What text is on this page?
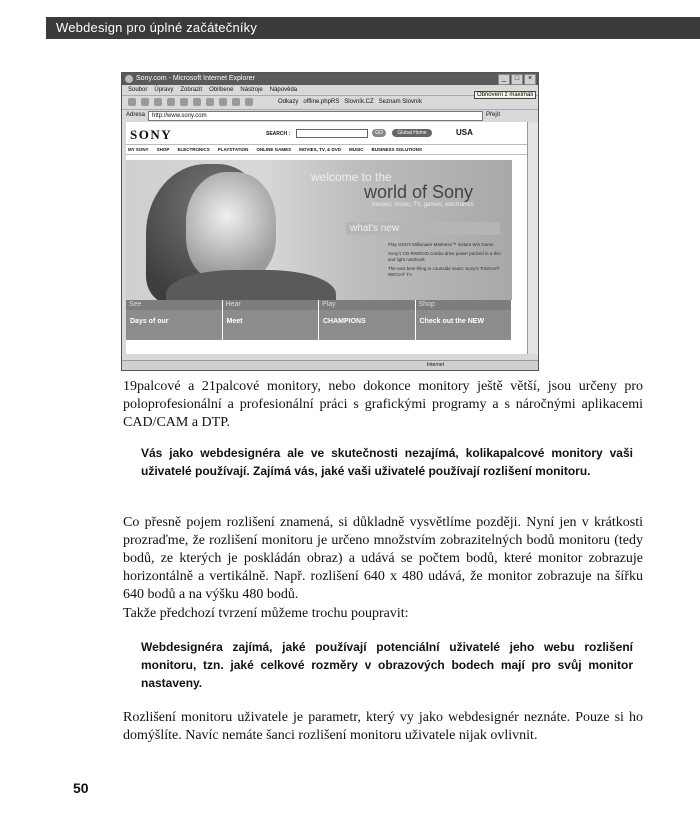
Webdesign pro úplné začátečníky
Sony.com - Microsoft Internet Explorer	_	□	×
Obnovení z maximali
Soubor Úpravy Zobrazit Oblíbené Nástroje Nápověda
Odkazy offline.phpRS Slovník.CZ Seznam Slovník
Adresa	http://www.sony.com	Přejít
SONY	SEARCH :	GO	Global Home	USA
MY SONY SHOP ELECTRONICS PLAYSTATION ONLINE GAMES MOVIES, TV, & DVD MUSIC BUSINESS SOLUTIONS
welcome to the
world of Sony
movies, music, TV, games, electronics
what's new
Play GSN's Millionaire Madness™ Instant Win Game
Sony's CD-RW/DVD combo drive power packed in a thin and light notebook
The next best thing to courtside seats: Sony's Trinitron® WEGA® TV
See	Hear	Play	Shop
Days of our	Meet	CHAMPIONS	Check out the NEW
Internet
19palcové a 21palcové monitory, nebo dokonce monitory ještě větší, jsou určeny pro poloprofesionální a profesionální práci s grafickými programy a s náročnými aplikacemi CAD/CAM a DTP.
Vás jako webdesignéra ale ve skutečnosti nezajímá, kolikapalcové monitory vaši uživatelé používají. Zajímá vás, jaké vaši uživatelé používají rozlišení monitoru.
Co přesně pojem rozlišení znamená, si důkladně vysvětlíme později. Nyní jen v krátkosti prozraďme, že rozlišení monitoru je určeno množstvím zobrazitelných bodů monitoru (tedy bodů, ze kterých je poskládán obraz) a udává se počtem bodů, které monitor zobrazuje horizontálně a vertikálně. Např. rozlišení 640 x 480 udává, že monitor zobrazuje na šířku 640 bodů a na výšku 480 bodů.
Takže předchozí tvrzení můžeme trochu poupravit:
Webdesignéra zajímá, jaké používají potenciální uživatelé jeho webu rozlišení monitoru, tzn. jaké celkové rozměry v obrazových bodech mají pro svůj monitor nastaveny.
Rozlišení monitoru uživatele je parametr, který vy jako webdesignér neznáte. Pouze si ho domýšlíte. Navíc nemáte šanci rozlišení monitoru uživatele nijak ovlivnit.
50
